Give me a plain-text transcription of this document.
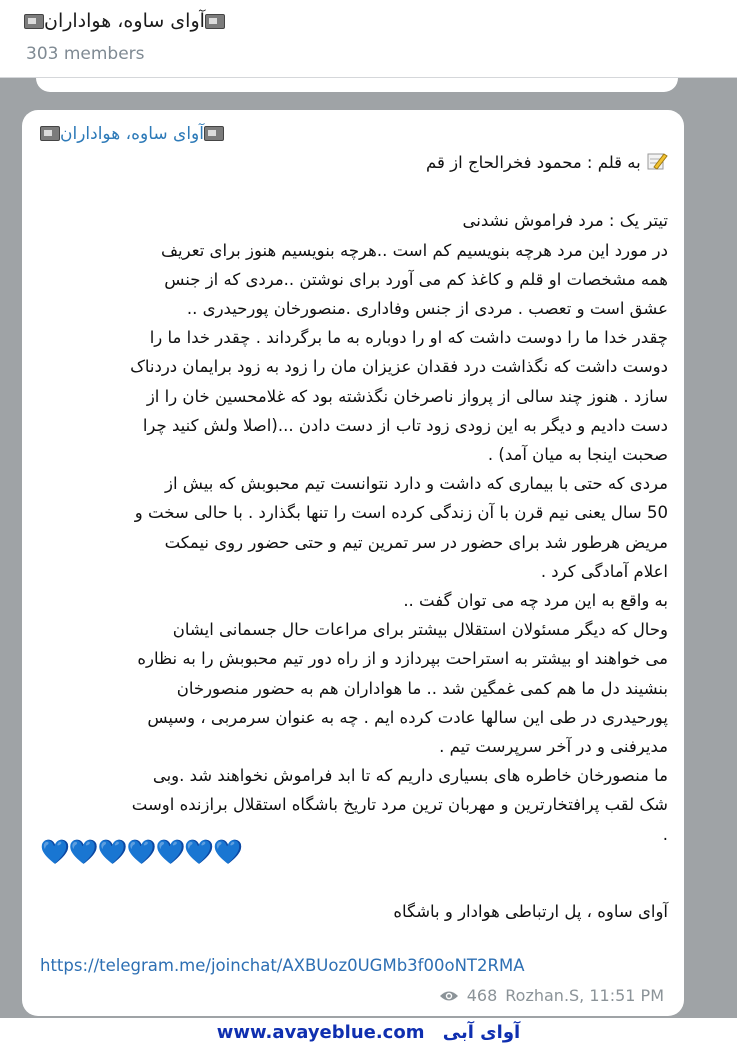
آوای ساوه، هواداران
303 members
آوای ساوه، هواداران
به قلم : محمود فخرالحاج از قم
تیتر یک : مرد فراموش نشدنی
در مورد این مرد هرچه بنویسیم کم است ..هرچه بنویسیم هنوز برای تعریف
همه مشخصات او قلم و کاغذ کم می آورد برای نوشتن ..مردی که از جنس
عشق است و تعصب . مردی از جنس وفاداری .منصورخان پورحیدری ..
چقدر خدا ما را دوست داشت که او را دوباره به ما برگرداند . چقدر خدا ما را
دوست داشت که نگذاشت درد فقدان عزیزان مان را زود به زود برایمان دردناک
سازد . هنوز چند سالی از پرواز ناصرخان نگذشته بود که غلامحسین خان را از
دست دادیم و دیگر به این زودی زود تاب از دست دادن ...(اصلا ولش کنید چرا
صحبت اینجا به میان آمد) .
مردی که حتی با بیماری که داشت و دارد نتوانست تیم محبوبش که بیش از
50 سال یعنی نیم قرن با آن زندگی کرده است را تنها بگذارد . با حالی سخت و
مریض هرطور شد برای حضور در سر تمرین تیم و حتی حضور روی نیمکت
اعلام آمادگی کرد .
به واقع به این مرد چه می توان گفت ..
وحال که دیگر مسئولان استقلال بیشتر برای مراعات حال جسمانی ایشان
می خواهند او بیشتر به استراحت بپردازد و از راه دور تیم محبوبش را به نظاره
بنشیند دل ما هم کمی غمگین شد .. ما هواداران هم به حضور منصورخان
پورحیدری در طی این سالها عادت کرده ایم . چه به عنوان سرمربی ، وسپس
مدیرفنی و در آخر سرپرست تیم .
ما منصورخان خاطره های بسیاری داریم که تا ابد فراموش نخواهند شد .وبی
شک لقب پرافتخارترین و مهربان ترین مرد تاریخ باشگاه استقلال برازنده اوست
.
💙💙💙💙💙💙💙
آوای ساوه ، پل ارتباطی هوادار و باشگاه
https://telegram.me/joinchat/AXBUoz0UGMb3f00oNT2RMA
468 Rozhan.S, 11:51 PM
www.avayeblue.com آوای آبی
